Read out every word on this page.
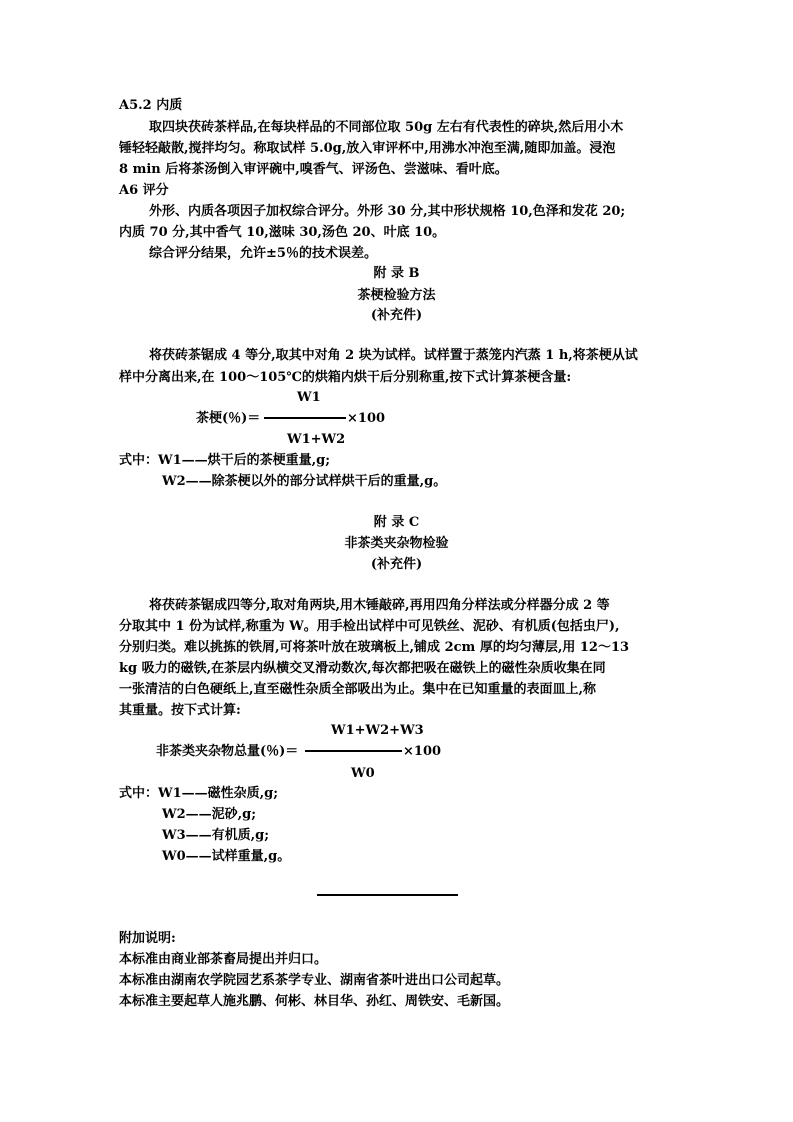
A5.2 内质
取四块茯砖茶样品,在每块样品的不同部位取 50g 左右有代表性的碎块,然后用小木
锤轻轻敲散,搅拌均匀。称取试样 5.0g,放入审评杯中,用沸水冲泡至满,随即加盖。浸泡
8 min 后将茶汤倒入审评碗中,嗅香气、评汤色、尝滋味、看叶底。
A6 评分
外形、内质各项因子加权综合评分。外形 30 分,其中形状规格 10,色泽和发花 20;
内质 70 分,其中香气 10,滋味 30,汤色 20、叶底 10。
综合评分结果，允许±5％的技术误差。
附 录 B
茶梗检验方法
(补充件)
将茯砖茶锯成 4 等分,取其中对角 2 块为试样。试样置于蒸笼内汽蒸 1 h,将茶梗从试
样中分离出来,在 100～105℃的烘箱内烘干后分别称重,按下式计算茶梗含量:
W1
茶梗(％)＝	×100
W1+W2
式中：W1——烘干后的茶梗重量,g;
W2——除茶梗以外的部分试样烘干后的重量,g。
附 录 C
非茶类夹杂物检验
(补充件)
将茯砖茶锯成四等分,取对角两块,用木锤敲碎,再用四角分样法或分样器分成 2 等
分取其中 1 份为试样,称重为 W。用手检出试样中可见铁丝、泥砂、有机质(包括虫尸),
分别归类。难以挑拣的铁屑,可将茶叶放在玻璃板上,铺成 2cm 厚的均匀薄层,用 12～13
kg 吸力的磁铁,在茶层内纵横交叉滑动数次,每次都把吸在磁铁上的磁性杂质收集在同
一张清洁的白色硬纸上,直至磁性杂质全部吸出为止。集中在已知重量的表面皿上,称
其重量。按下式计算:
W1+W2+W3
非茶类夹杂物总量(％)＝	×100
W0
式中：W1——磁性杂质,g;
W2——泥砂,g;
W3——有机质,g;
W0——试样重量,g。
附加说明:
本标准由商业部茶畜局提出并归口。
本标准由湖南农学院园艺系茶学专业、湖南省茶叶进出口公司起草。
本标准主要起草人施兆鹏、何彬、林目华、孙红、周铁安、毛新国。
